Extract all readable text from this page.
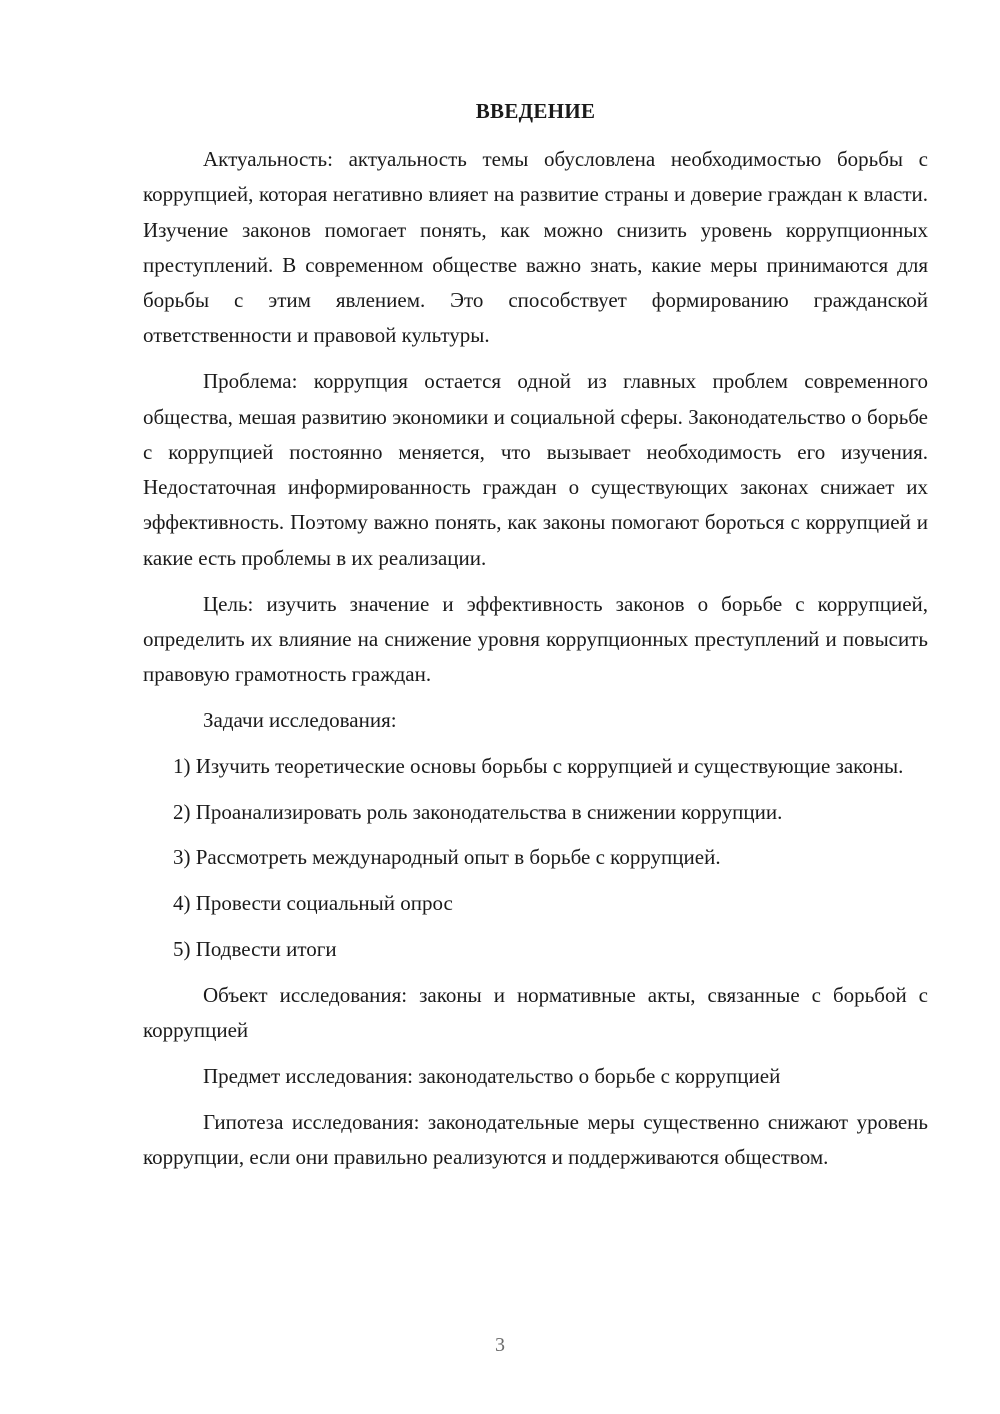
ВВЕДЕНИЕ

Актуальность: актуальность темы обусловлена необходимостью борьбы с коррупцией, которая негативно влияет на развитие страны и доверие граждан к власти. Изучение законов помогает понять, как можно снизить уровень коррупционных преступлений. В современном обществе важно знать, какие меры принимаются для борьбы с этим явлением. Это способствует формированию гражданской ответственности и правовой культуры.

Проблема: коррупция остается одной из главных проблем современного общества, мешая развитию экономики и социальной сферы. Законодательство о борьбе с коррупцией постоянно меняется, что вызывает необходимость его изучения. Недостаточная информированность граждан о существующих законах снижает их эффективность. Поэтому важно понять, как законы помогают бороться с коррупцией и какие есть проблемы в их реализации.

Цель: изучить значение и эффективность законов о борьбе с коррупцией, определить их влияние на снижение уровня коррупционных преступлений и повысить правовую грамотность граждан.

Задачи исследования:

1) Изучить теоретические основы борьбы с коррупцией и существующие законы.

2) Проанализировать роль законодательства в снижении коррупции.

3) Рассмотреть международный опыт в борьбе с коррупцией.

4) Провести социальный опрос

5) Подвести итоги

Объект исследования: законы и нормативные акты, связанные с борьбой с коррупцией

Предмет исследования: законодательство о борьбе с коррупцией

Гипотеза исследования: законодательные меры существенно снижают уровень коррупции, если они правильно реализуются и поддерживаются обществом.

3
